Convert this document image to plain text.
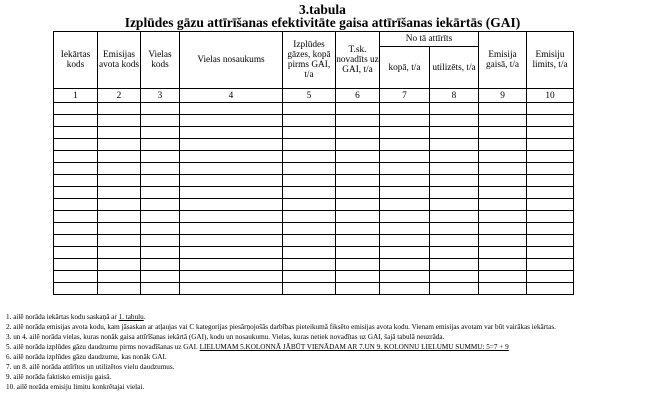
3.tabula
Izplūdes gāzu attīrīšanas efektivitāte gaisa attīrīšanas iekārtās (GAI)
Iekārtas kods	Emisijas avota kods	Vielas kods	Vielas nosaukums	Izplūdes gāzes, kopā pirms GAI, t/a	T.sk. novadīts uz GAI, t/a	No tā attīrīts		Emisija gaisā, t/a	Emisiju limits, t/a
						kopā, t/a	utilizēts, t/a		
1	2	3	4	5	6	7	8	9	10

1. ailē norāda iekārtas kodu saskaņā ar 1. tabulu.
2. ailē norāda emisijas avota kodu, kam jāsaskan ar atļaujas vai C kategorijas piesārņojošās darbības pieteikumā fiksēto emisijas avota kodu. Vienam emisijas avotam var būt vairākas iekārtas.
3. un 4. ailē norāda vielas, kuras nonāk gaisa attīrīšanas iekārtā (GAI), kodu un nosaukumu. Vielas, kuras netiek novadītas uz GAI, šajā tabulā neuzrāda.
5. ailē norāda izplūdes gāzu daudzumu pirms novadīšanas uz GAI. LIELUMAM 5.KOLONNĀ JĀBŪT VIENĀDAM AR 7.UN 9. KOLONNU LIELUMU SUMMU: 5=7 + 9
6. ailē norāda izplūdes gāzu daudzumu, kas nonāk GAI.
7. un 8. ailē norāda attīrītos un utilizētos vielu daudzumus.
9. ailē norāda faktisko emisiju gaisā.
10. ailē norāda emisiju limitu konkrētajai vielai.
